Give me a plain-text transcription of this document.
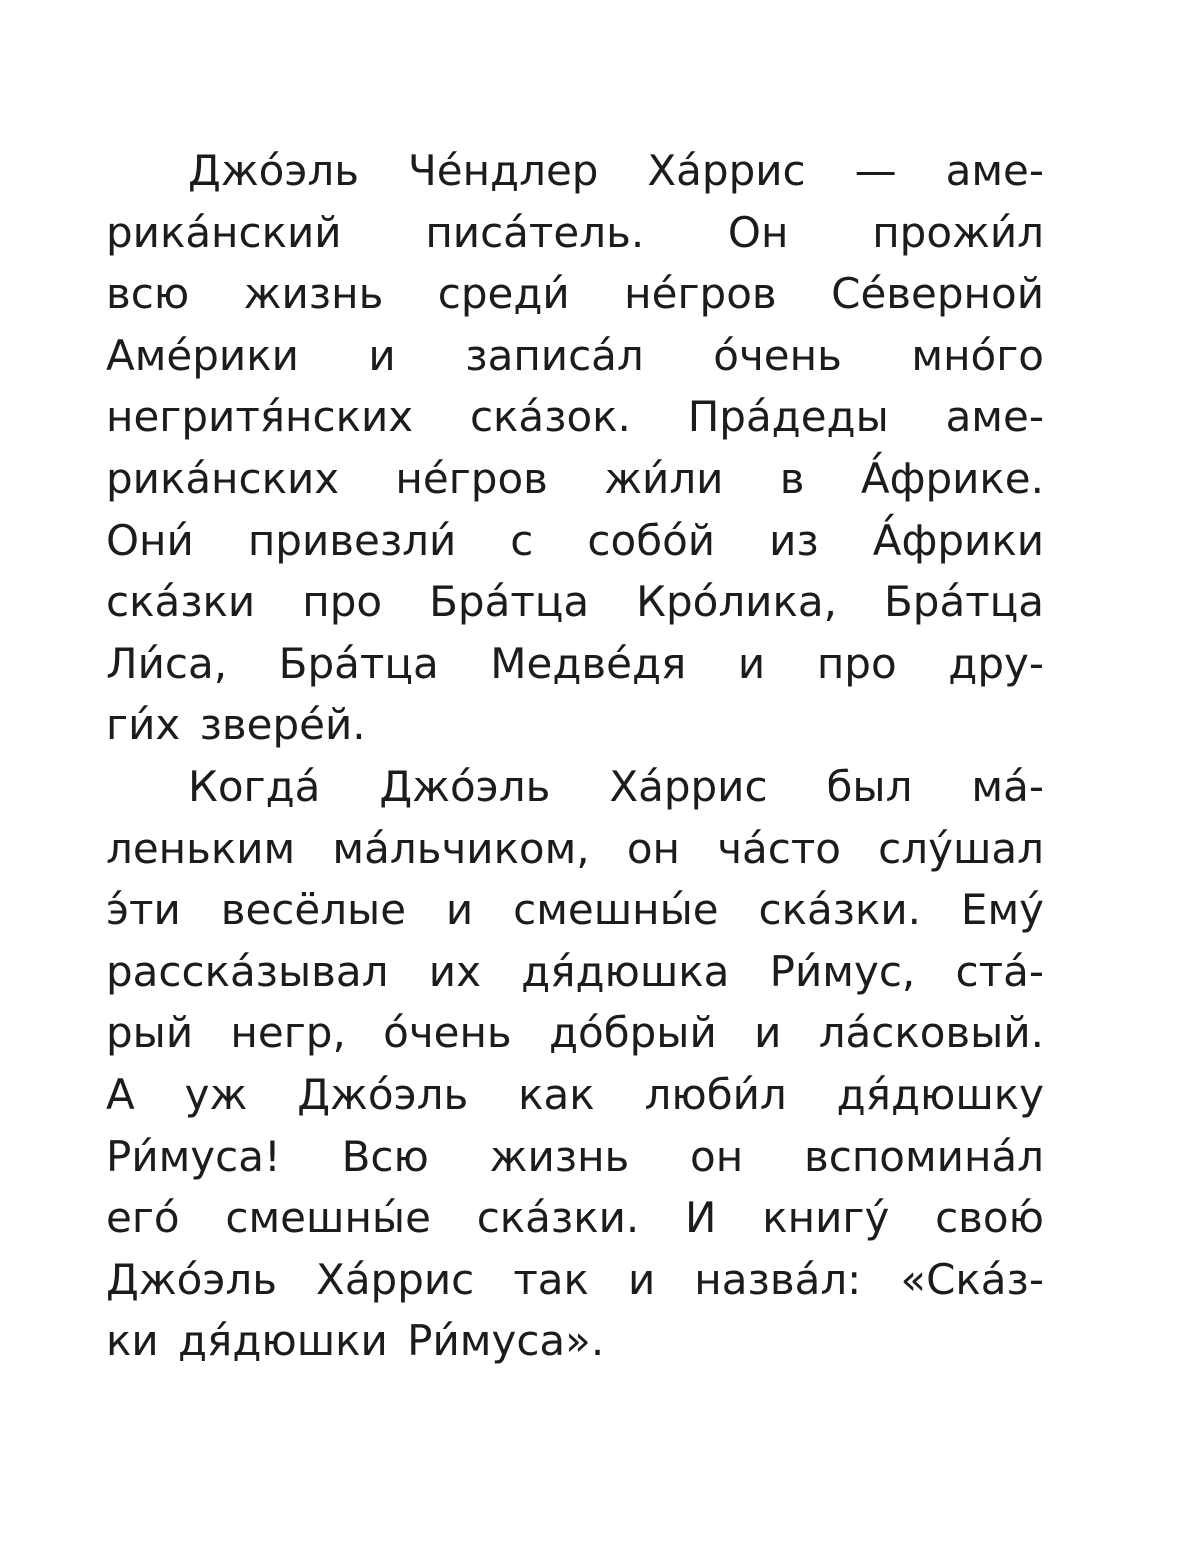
Джо́эль Че́ндлер Ха́ррис — аме-
рика́нский писа́тель. Он прожи́л
всю жизнь среди́ не́гров Се́верной
Аме́рики и записа́л о́чень мно́го
негритя́нских ска́зок. Пра́деды аме-
рика́нских не́гров жи́ли в А́фрике.
Они́ привезли́ с собо́й из А́фрики
ска́зки про Бра́тца Кро́лика, Бра́тца
Ли́са, Бра́тца Медве́дя и про дру-
ги́х звере́й.
Когда́ Джо́эль Ха́ррис был ма́-
леньким ма́льчиком, он ча́сто слу́шал
э́ти весёлые и смешны́е ска́зки. Ему́
расска́зывал их дя́дюшка Ри́мус, ста́-
рый негр, о́чень до́брый и ла́сковый.
А уж Джо́эль как люби́л дя́дюшку
Ри́муса! Всю жизнь он вспомина́л
его́ смешны́е ска́зки. И книгу́ свою́
Джо́эль Ха́ррис так и назва́л: «Ска́з-
ки дя́дюшки Ри́муса».
